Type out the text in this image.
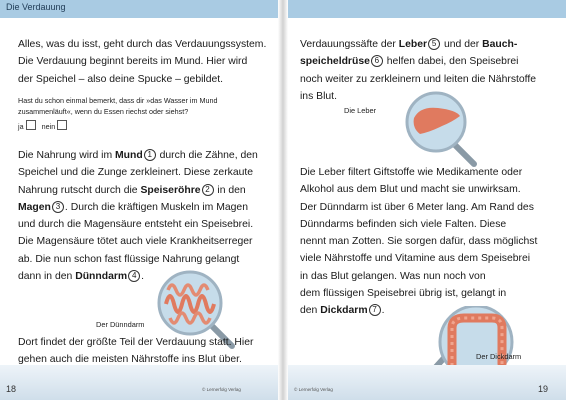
Die Verdauung

Alles, was du isst, geht durch das Verdauungssystem.
Die Verdauung beginnt bereits im Mund. Hier wird
der Speichel – also deine Spucke – gebildet.

Hast du schon einmal bemerkt, dass dir »das Wasser im Mund
zusammenläuft«, wenn du Essen riechst oder siehst?

ja	nein

Die Nahrung wird im Mund 1 durch die Zähne, den
Speichel und die Zunge zerkleinert. Diese zerkaute
Nahrung rutscht durch die Speiseröhre 2 in den
Magen 3 . Durch die kräftigen Muskeln im Magen
und durch die Magensäure entsteht ein Speisebrei.
Die Magensäure tötet auch viele Krankheitserreger
ab. Die nun schon fast flüssige Nahrung gelangt
dann in den Dünndarm 4 .

Der Dünndarm

Dort findet der größte Teil der Verdauung statt. Hier
gehen auch die meisten Nährstoffe ins Blut über.

Verdauungssäfte der Leber 5 und der Bauch-
speicheldrüse 6 helfen dabei, den Speisebrei
noch weiter zu zerkleinern und leiten die Nährstoffe
ins Blut.

Die Leber

Die Leber filtert Giftstoffe wie Medikamente oder
Alkohol aus dem Blut und macht sie unwirksam.
Der Dünndarm ist über 6 Meter lang. Am Rand des
Dünndarms befinden sich viele Falten. Diese
nennt man Zotten. Sie sorgen dafür, dass möglichst
viele Nährstoffe und Vitamine aus dem Speisebrei
in das Blut gelangen. Was nun noch von
dem flüssigen Speisebrei übrig ist, gelangt in
den Dickdarm 7 .

Der Dickdarm

18	© Lernerfolg Verlag	© Lernerfolg Verlag	19
